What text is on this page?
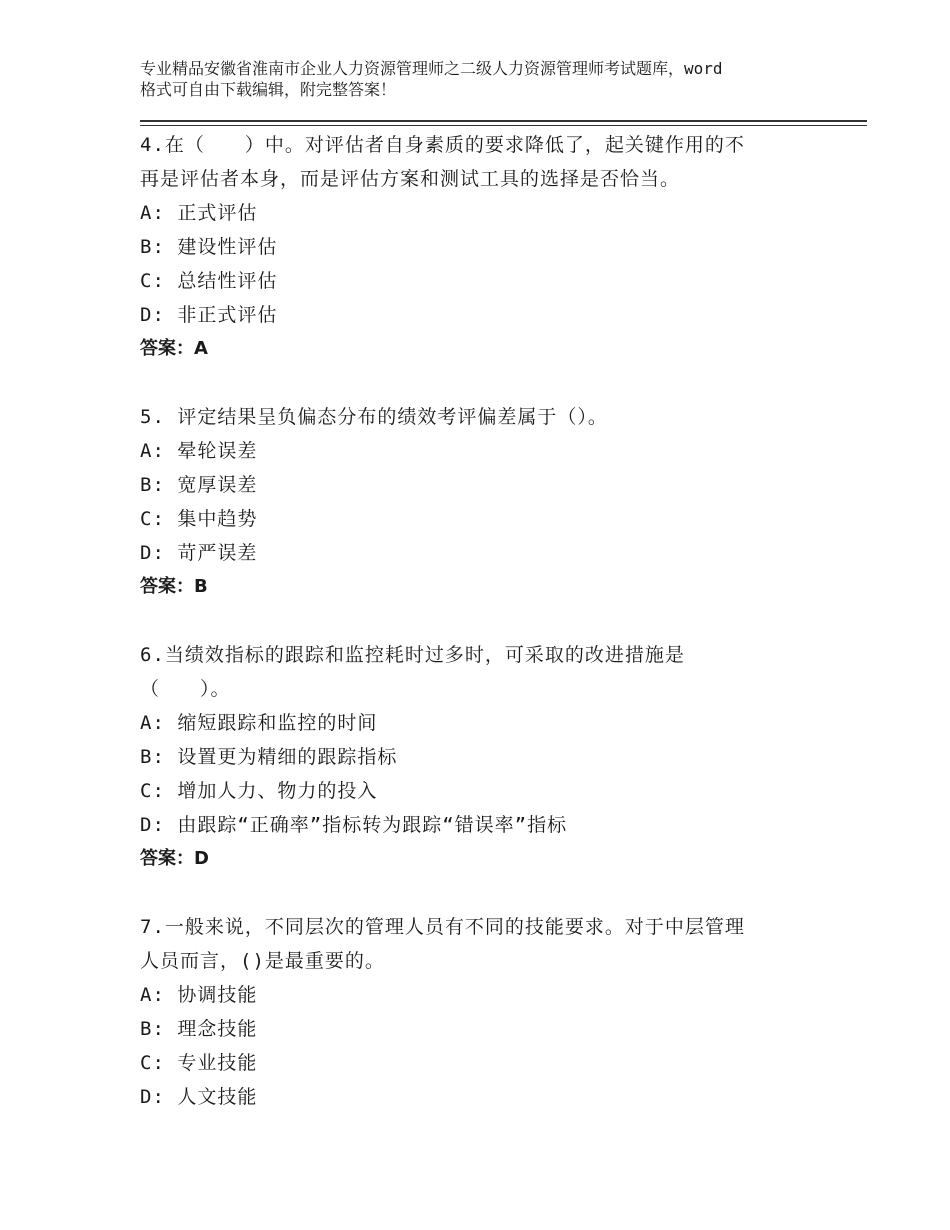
专业精品安徽省淮南市企业人力资源管理师之二级人力资源管理师考试题库，word
格式可自由下载编辑，附完整答案！
4.在（　　）中。对评估者自身素质的要求降低了，起关键作用的不
再是评估者本身，而是评估方案和测试工具的选择是否恰当。
A: 正式评估
B: 建设性评估
C: 总结性评估
D: 非正式评估
答案：A
5. 评定结果呈负偏态分布的绩效考评偏差属于（）。
A: 晕轮误差
B: 宽厚误差
C: 集中趋势
D: 苛严误差
答案：B
6.当绩效指标的跟踪和监控耗时过多时，可采取的改进措施是
（　　）。
A: 缩短跟踪和监控的时间
B: 设置更为精细的跟踪指标
C: 增加人力、物力的投入
D: 由跟踪“正确率”指标转为跟踪“错误率”指标
答案：D
7.一般来说，不同层次的管理人员有不同的技能要求。对于中层管理
人员而言，()是最重要的。
A: 协调技能
B: 理念技能
C: 专业技能
D: 人文技能
